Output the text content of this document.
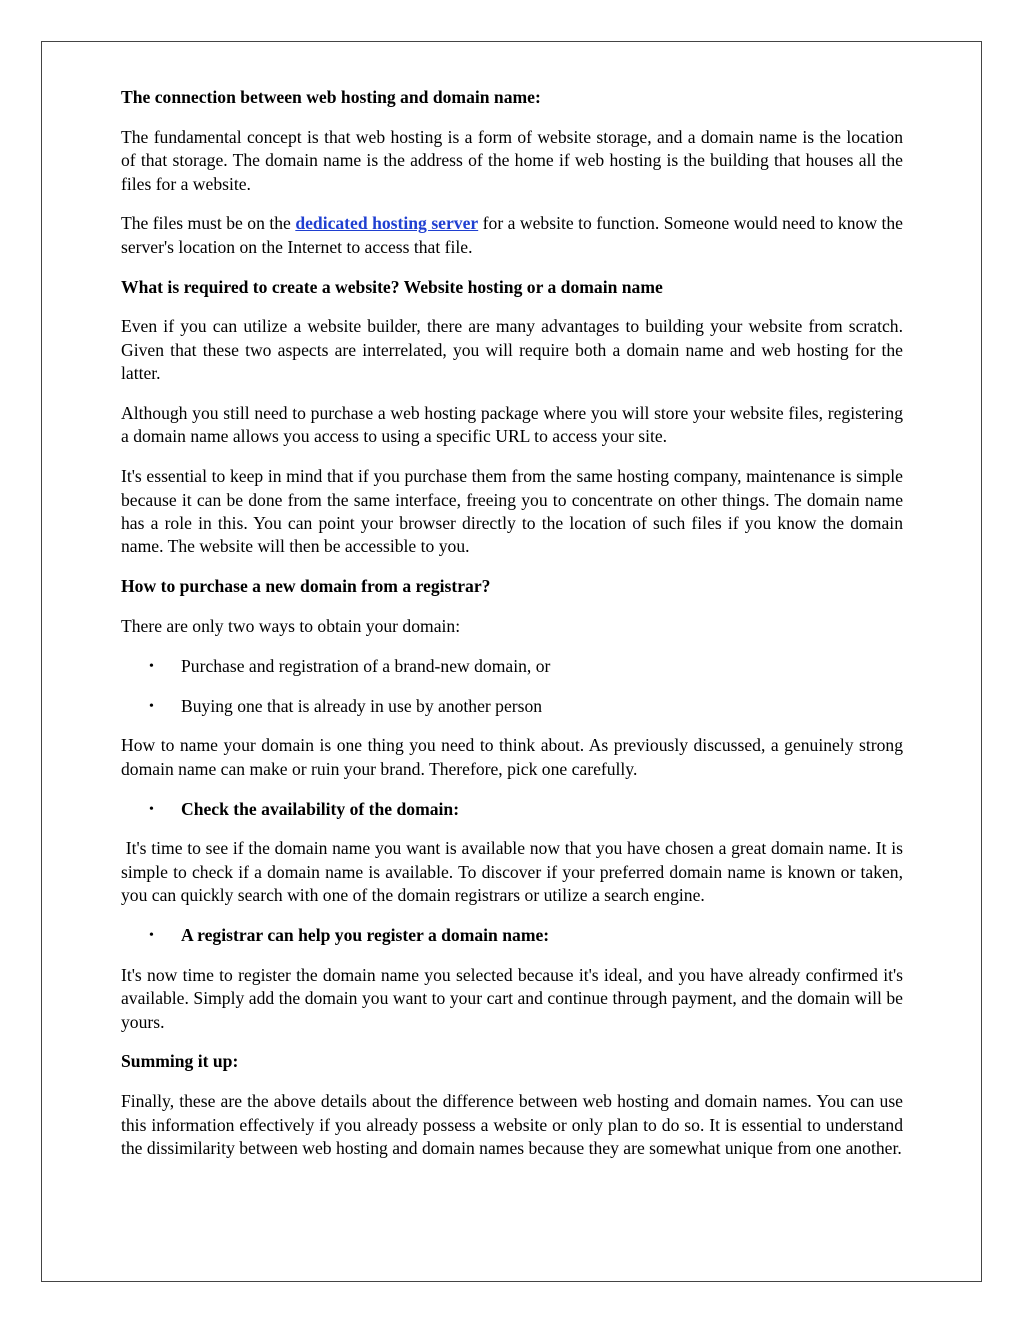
The connection between web hosting and domain name:

The fundamental concept is that web hosting is a form of website storage, and a domain name is the location of that storage. The domain name is the address of the home if web hosting is the building that houses all the files for a website.

The files must be on the dedicated hosting server for a website to function. Someone would need to know the server's location on the Internet to access that file.

What is required to create a website? Website hosting or a domain name

Even if you can utilize a website builder, there are many advantages to building your website from scratch. Given that these two aspects are interrelated, you will require both a domain name and web hosting for the latter.

Although you still need to purchase a web hosting package where you will store your website files, registering a domain name allows you access to using a specific URL to access your site.

It's essential to keep in mind that if you purchase them from the same hosting company, maintenance is simple because it can be done from the same interface, freeing you to concentrate on other things. The domain name has a role in this. You can point your browser directly to the location of such files if you know the domain name. The website will then be accessible to you.

How to purchase a new domain from a registrar?

There are only two ways to obtain your domain:

• Purchase and registration of a brand-new domain, or
• Buying one that is already in use by another person

How to name your domain is one thing you need to think about. As previously discussed, a genuinely strong domain name can make or ruin your brand. Therefore, pick one carefully.

• Check the availability of the domain:

It's time to see if the domain name you want is available now that you have chosen a great domain name. It is simple to check if a domain name is available. To discover if your preferred domain name is known or taken, you can quickly search with one of the domain registrars or utilize a search engine.

• A registrar can help you register a domain name:

It's now time to register the domain name you selected because it's ideal, and you have already confirmed it's available. Simply add the domain you want to your cart and continue through payment, and the domain will be yours.

Summing it up:

Finally, these are the above details about the difference between web hosting and domain names. You can use this information effectively if you already possess a website or only plan to do so. It is essential to understand the dissimilarity between web hosting and domain names because they are somewhat unique from one another.
